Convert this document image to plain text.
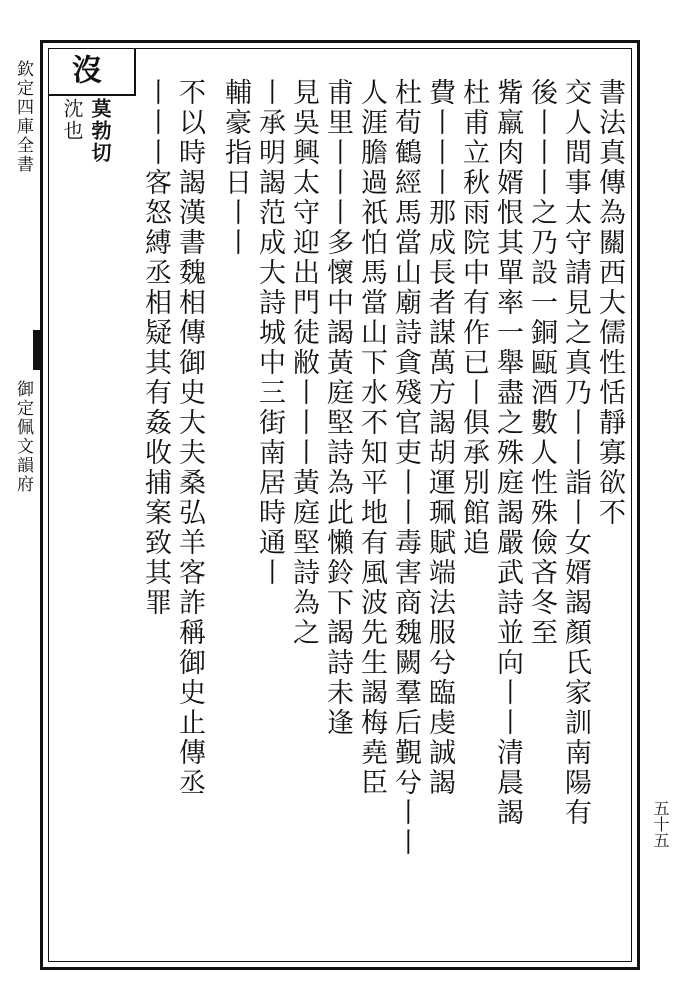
沒
莫勃切
沈也	書法真傳為關西大儒性恬靜寡欲不
交人間事太守請見之真乃丨丨詣丨女婿謁顏氏家訓南陽有
後丨丨丨之乃設一銅甌酒數人性殊儉吝冬至
觜羸肉婿恨其單率一舉盡之殊庭謁嚴武詩並向丨丨清晨謁
杜甫立秋雨院中有作已丨俱承別館追
費丨丨丨那成長者謀萬方謁胡運珮賦端法服兮臨虔誠謁
杜荀鶴經馬當山廟詩貪殘官吏丨丨毒害商魏闕羣后覲兮丨丨
人涯膽過祇怕馬當山下水不知平地有風波先生謁梅堯臣
甫里丨丨丨多懷中謁黃庭堅詩為此懶鈴下謁詩未逢
見吳興太守迎出門徒敝丨丨丨黃庭堅詩為之
丨承明謁范成大詩城中三街南居時通丨
輔豪指日丨丨
不以時謁漢書魏相傳御史大夫桑弘羊客詐稱御史止傳丞
丨丨丨客怒縛丞相疑其有姦收捕案致其罪
欽定四庫全書
御定佩文韻府
五十五
